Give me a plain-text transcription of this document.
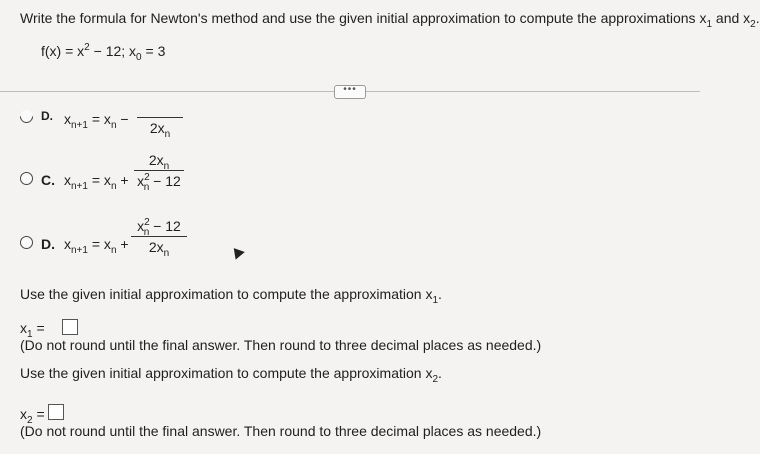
Write the formula for Newton's method and use the given initial approximation to compute the approximations $x_1$ and $x_2$.
$f(x) = x^2 - 12$; $x_0 = 3$
•••
D. $x_{n+1} = x_n$ −
$2x_n$
C. $x_{n+1} = x_n$ +
$2x_n$
$x^2_n - 12$
D. $x_{n+1} = x_n$ +
$x^2_n - 12$
$2x_n$
Use the given initial approximation to compute the approximation $x_1$.
$x_1$ =
(Do not round until the final answer. Then round to three decimal places as needed.)
Use the given initial approximation to compute the approximation $x_2$.
$x_2$ =
(Do not round until the final answer. Then round to three decimal places as needed.)
